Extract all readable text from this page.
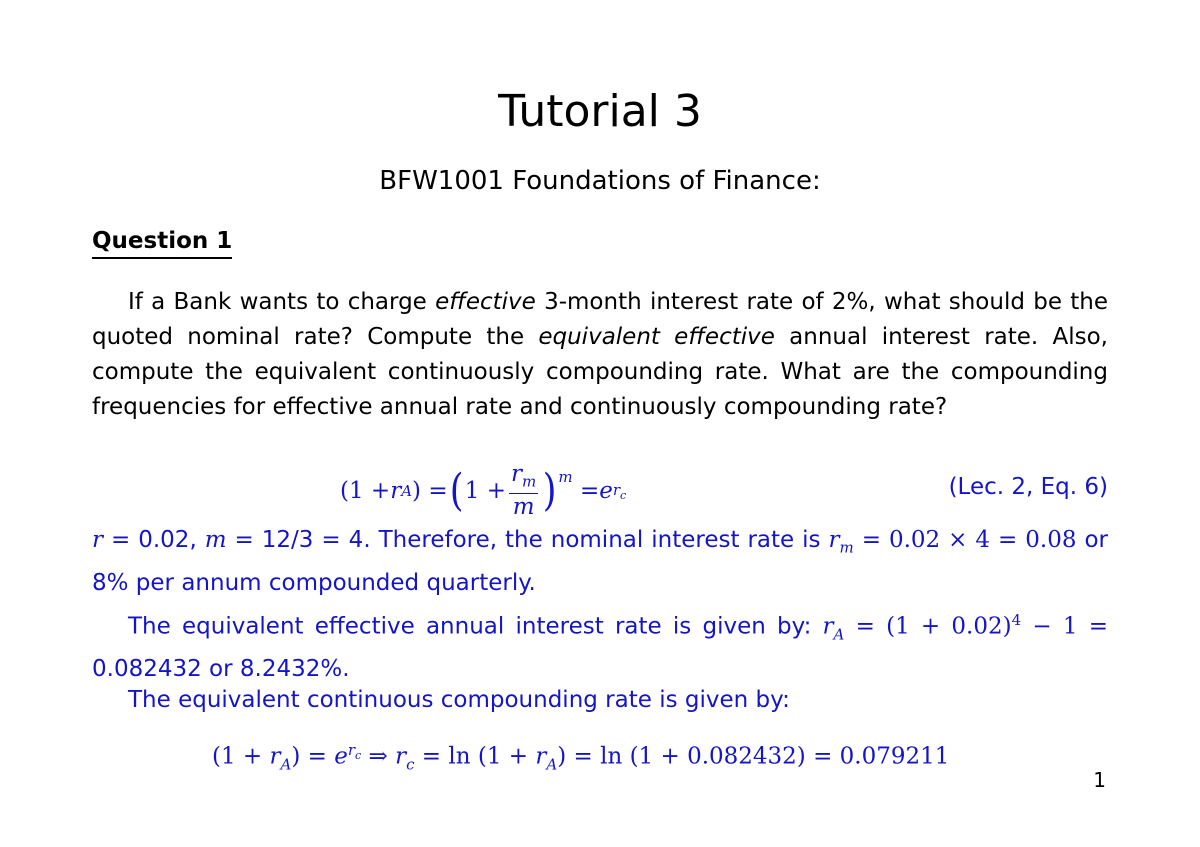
Tutorial 3
BFW1001 Foundations of Finance:
Question 1
If a Bank wants to charge effective 3-month interest rate of 2%, what should be the quoted nominal rate? Compute the equivalent effective annual interest rate. Also, compute the equivalent continuously compounding rate. What are the compounding frequencies for effective annual rate and continuously compounding rate?
(1 + r A ) = ( $1 + \frac{r_m}{m} )^m$
= e $r_c$	(Lec. 2, Eq. 6)
r = 0.02, m = 12/3 = 4. Therefore, the nominal interest rate is $r_m = 0.02 \times 4 = 0.08$ or 8% per annum compounded quarterly.
The equivalent effective annual interest rate is given by: $r_A = (1 + 0.02)^4 - 1 = 0.082432$ or 8.2432%.
The equivalent continuous compounding rate is given by:
$(1 + r_A) = e^{r_c}$ ⇒ $r_c = \ln (1 + r_A) = \ln (1 + 0.082432) = 0.079211$
1
